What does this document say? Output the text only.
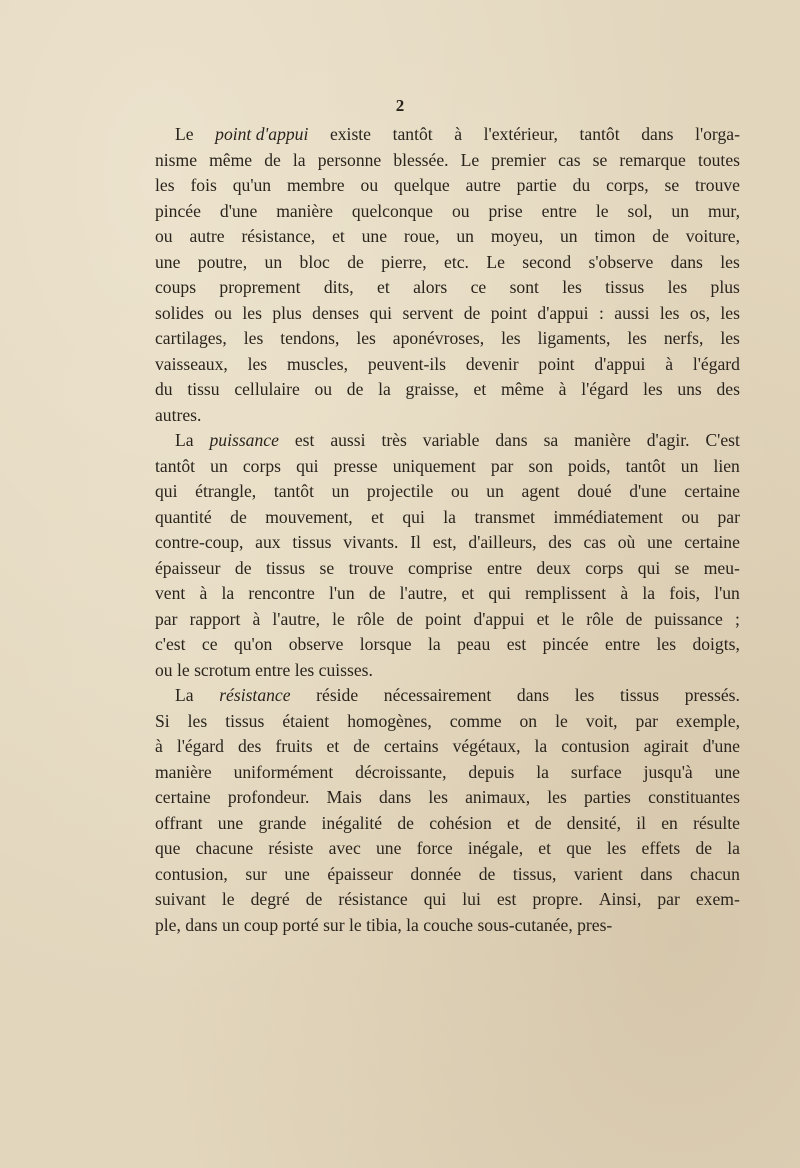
2
Le point d'appui existe tantôt à l'extérieur, tantôt dans l'orga-
nisme même de la personne blessée. Le premier cas se remarque toutes
les fois qu'un membre ou quelque autre partie du corps, se trouve
pincée d'une manière quelconque ou prise entre le sol, un mur,
ou autre résistance, et une roue, un moyeu, un timon de voiture,
une poutre, un bloc de pierre, etc. Le second s'observe dans les
coups proprement dits, et alors ce sont les tissus les plus
solides ou les plus denses qui servent de point d'appui : aussi les os, les
cartilages, les tendons, les aponévroses, les ligaments, les nerfs, les
vaisseaux, les muscles, peuvent-ils devenir point d'appui à l'égard
du tissu cellulaire ou de la graisse, et même à l'égard les uns des
autres.
La puissance est aussi très variable dans sa manière d'agir. C'est
tantôt un corps qui presse uniquement par son poids, tantôt un lien
qui étrangle, tantôt un projectile ou un agent doué d'une certaine
quantité de mouvement, et qui la transmet immédiatement ou par
contre-coup, aux tissus vivants. Il est, d'ailleurs, des cas où une certaine
épaisseur de tissus se trouve comprise entre deux corps qui se meu-
vent à la rencontre l'un de l'autre, et qui remplissent à la fois, l'un
par rapport à l'autre, le rôle de point d'appui et le rôle de puissance ;
c'est ce qu'on observe lorsque la peau est pincée entre les doigts,
ou le scrotum entre les cuisses.
La résistance réside nécessairement dans les tissus pressés.
Si les tissus étaient homogènes, comme on le voit, par exemple,
à l'égard des fruits et de certains végétaux, la contusion agirait d'une
manière uniformément décroissante, depuis la surface jusqu'à une
certaine profondeur. Mais dans les animaux, les parties constituantes
offrant une grande inégalité de cohésion et de densité, il en résulte
que chacune résiste avec une force inégale, et que les effets de la
contusion, sur une épaisseur donnée de tissus, varient dans chacun
suivant le degré de résistance qui lui est propre. Ainsi, par exem-
ple, dans un coup porté sur le tibia, la couche sous-cutanée, pres-
